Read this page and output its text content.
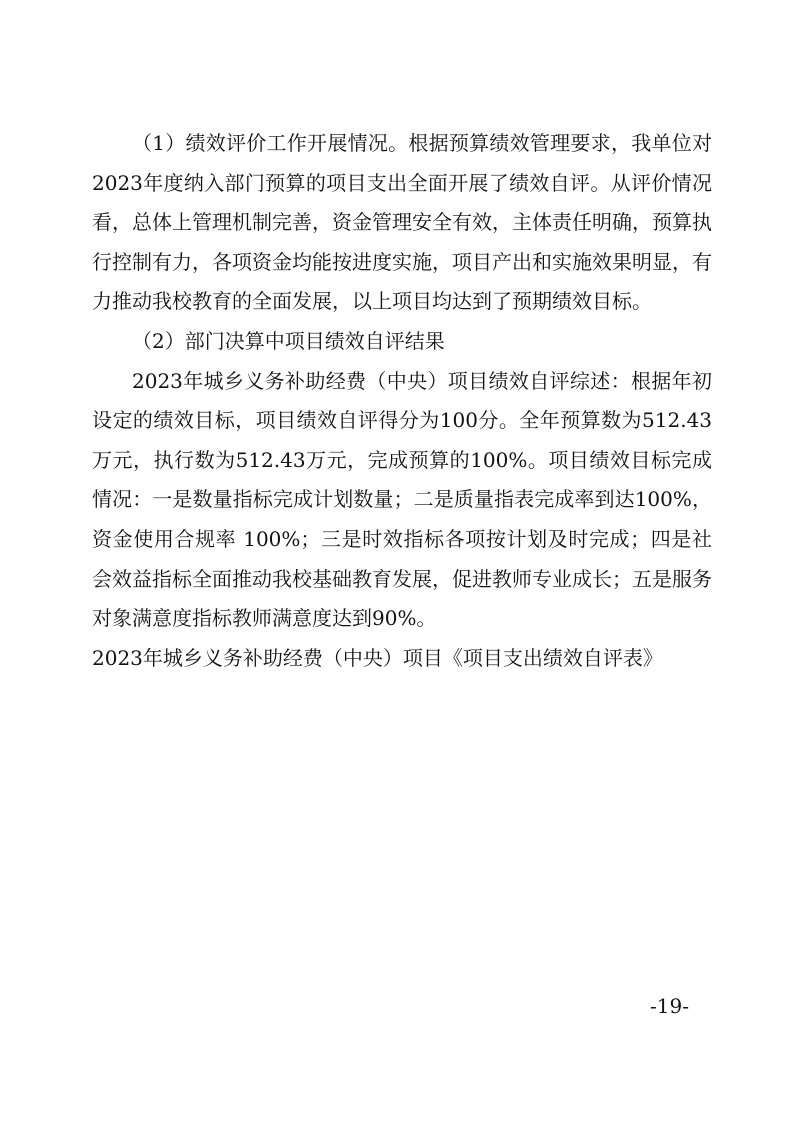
（1）绩效评价工作开展情况。根据预算绩效管理要求，我单位对2023年度纳入部门预算的项目支出全面开展了绩效自评。从评价情况看，总体上管理机制完善，资金管理安全有效，主体责任明确，预算执行控制有力，各项资金均能按进度实施，项目产出和实施效果明显，有力推动我校教育的全面发展，以上项目均达到了预期绩效目标。

（2）部门决算中项目绩效自评结果

2023年城乡义务补助经费（中央）项目绩效自评综述：根据年初设定的绩效目标，项目绩效自评得分为100分。全年预算数为512.43万元，执行数为512.43万元，完成预算的100%。项目绩效目标完成情况：一是数量指标完成计划数量；二是质量指表完成率到达100%，资金使用合规率 100%；三是时效指标各项按计划及时完成；四是社会效益指标全面推动我校基础教育发展，促进教师专业成长；五是服务对象满意度指标教师满意度达到90%。

2023年城乡义务补助经费（中央）项目《项目支出绩效自评表》

-19-
